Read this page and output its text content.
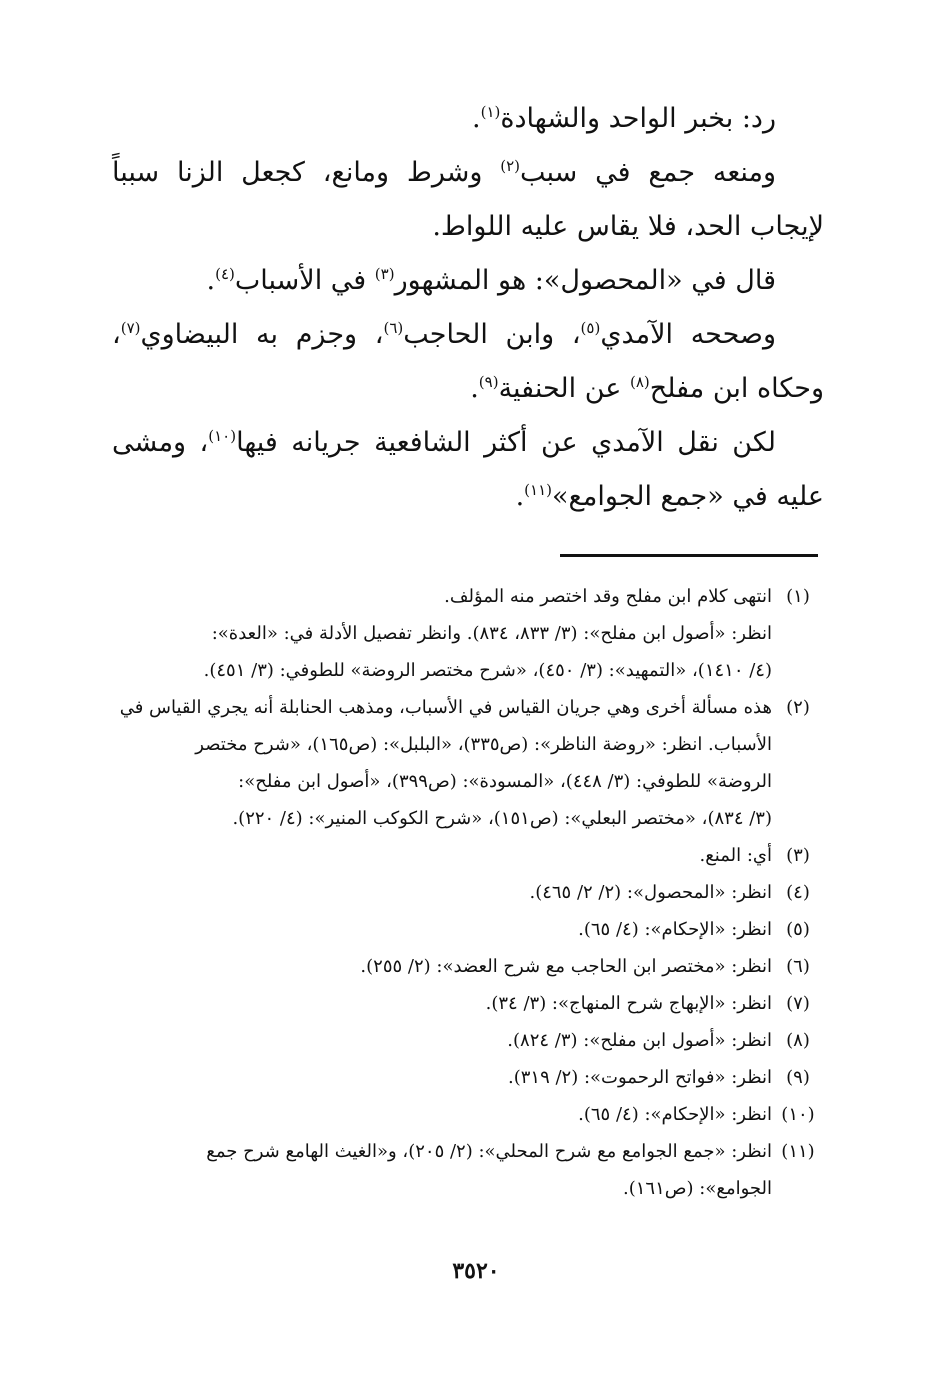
رد: بخبر الواحد والشهادة$^{(١)}$.

ومنعه جمع في سبب$^{(٢)}$ وشرط ومانع، كجعل الزنا سبباً لإيجاب الحد، فلا يقاس عليه اللواط.

قال في «المحصول»: هو المشهور$^{(٣)}$ في الأسباب$^{(٤)}$.

وصححه الآمدي$^{(٥)}$، وابن الحاجب$^{(٦)}$، وجزم به البيضاوي$^{(٧)}$، وحكاه ابن مفلح$^{(٨)}$ عن الحنفية$^{(٩)}$.

لكن نقل الآمدي عن أكثر الشافعية جريانه فيها$^{(١٠)}$، ومشى عليه في «جمع الجوامع»$^{(١١)}$.

(١)
انتهى كلام ابن مفلح وقد اختصر منه المؤلف.
انظر: «أصول ابن مفلح»: (٣/ ٨٣٣، ٨٣٤). وانظر تفصيل الأدلة في: «العدة»:
(٤/ ١٤١٠)، «التمهيد»: (٣/ ٤٥٠)، «شرح مختصر الروضة» للطوفي: (٣/ ٤٥١).
(٢)
هذه مسألة أخرى وهي جريان القياس في الأسباب، ومذهب الحنابلة أنه يجري القياس في
الأسباب. انظر: «روضة الناظر»: (ص٣٣٥)، «البلبل»: (ص١٦٥)، «شرح مختصر
الروضة» للطوفي: (٣/ ٤٤٨)، «المسودة»: (ص٣٩٩)، «أصول ابن مفلح»:
(٣/ ٨٣٤)، «مختصر البعلي»: (ص١٥١)، «شرح الكوكب المنير»: (٤/ ٢٢٠).
(٣)
أي: المنع.
(٤)
انظر: «المحصول»: (٢/ ٢/ ٤٦٥).
(٥)
انظر: «الإحكام»: (٤/ ٦٥).
(٦)
انظر: «مختصر ابن الحاجب مع شرح العضد»: (٢/ ٢٥٥).
(٧)
انظر: «الإبهاج شرح المنهاج»: (٣/ ٣٤).
(٨)
انظر: «أصول ابن مفلح»: (٣/ ٨٢٤).
(٩)
انظر: «فواتح الرحموت»: (٢/ ٣١٩).
(١٠)
انظر: «الإحكام»: (٤/ ٦٥).
(١١)
انظر: «جمع الجوامع مع شرح المحلي»: (٢/ ٢٠٥)، و«الغيث الهامع شرح جمع
الجوامع»: (ص١٦١).
٣٥٢٠
